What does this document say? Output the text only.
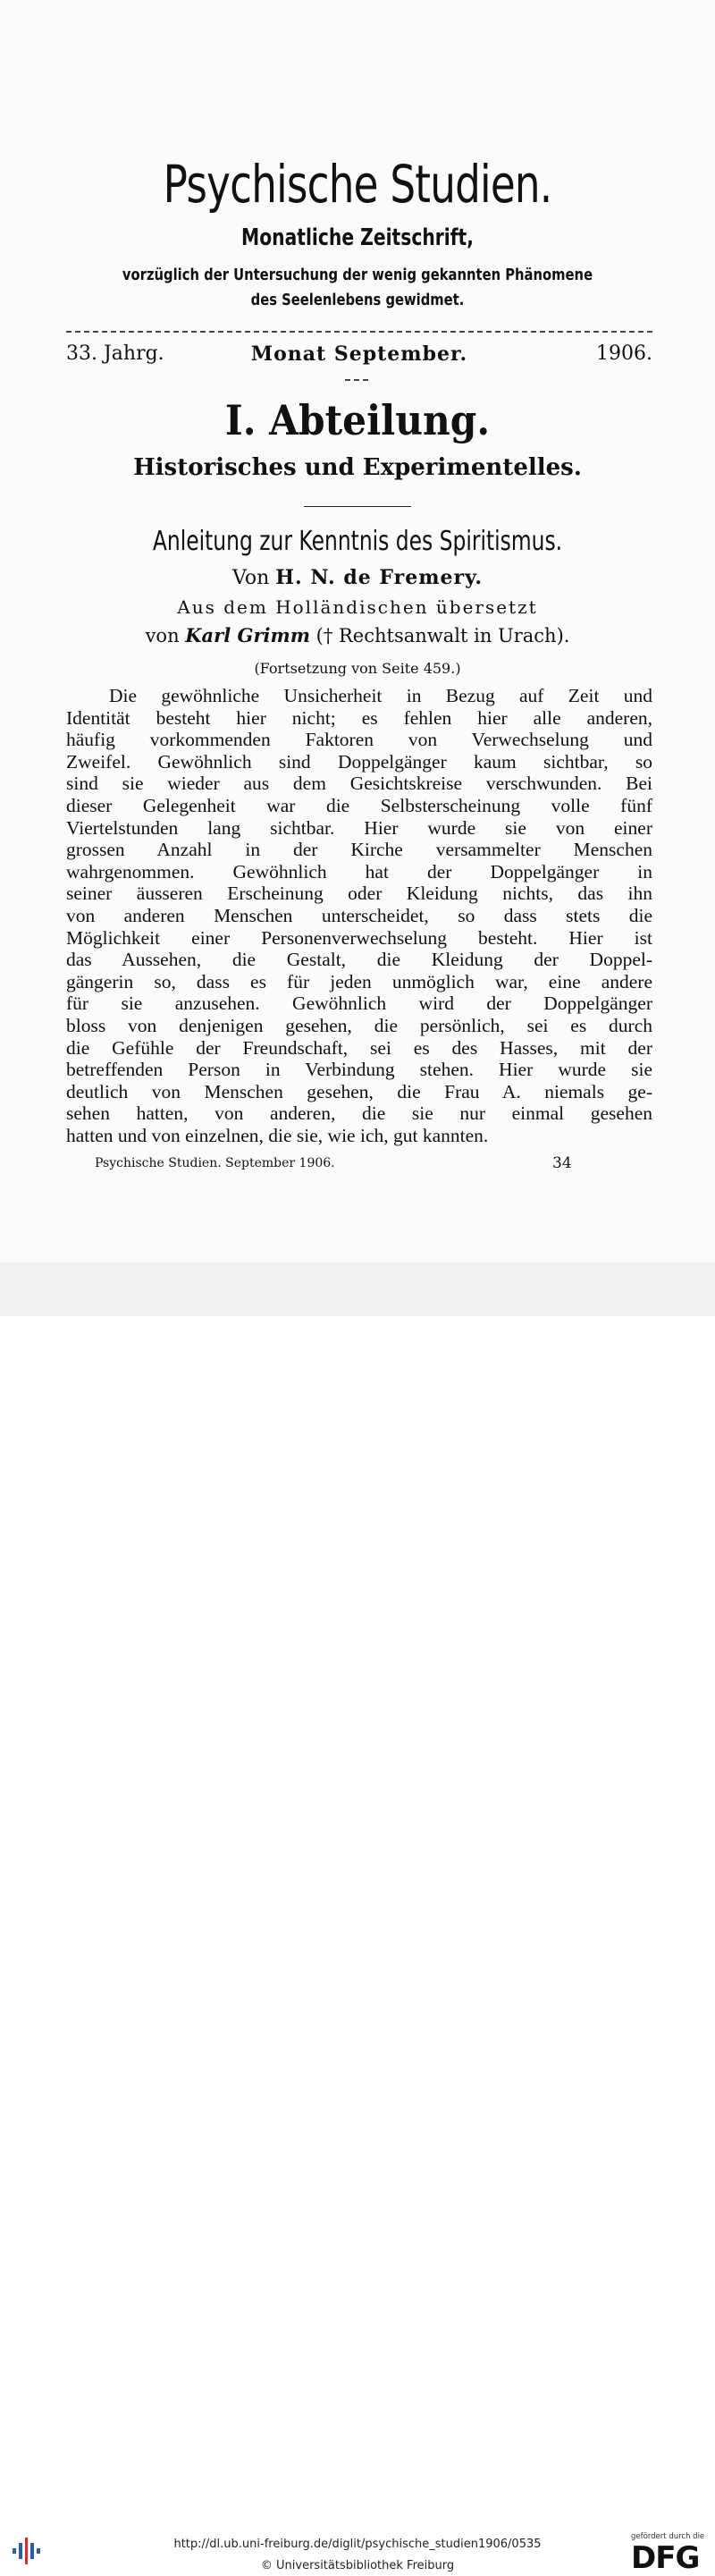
Psychische Studien.
Monatliche Zeitschrift,
vorzüglich der Untersuchung der wenig gekannten Phänomene
des Seelenlebens gewidmet.
33. Jahrg.	Monat September.	1906.
I. Abteilung.
Historisches und Experimentelles.
Anleitung zur Kenntnis des Spiritismus.
Von H. N. de Fremery.
Aus dem Holländischen übersetzt
von Karl Grimm († Rechtsanwalt in Urach).
(Fortsetzung von Seite 459.)
Die gewöhnliche Unsicherheit in Bezug auf Zeit und
Identität besteht hier nicht; es fehlen hier alle anderen,
häufig vorkommenden Faktoren von Verwechselung und
Zweifel. Gewöhnlich sind Doppelgänger kaum sichtbar, so
sind sie wieder aus dem Gesichtskreise verschwunden. Bei
dieser Gelegenheit war die Selbsterscheinung volle fünf
Viertelstunden lang sichtbar. Hier wurde sie von einer
grossen Anzahl in der Kirche versammelter Menschen
wahrgenommen. Gewöhnlich hat der Doppelgänger in
seiner äusseren Erscheinung oder Kleidung nichts, das ihn
von anderen Menschen unterscheidet, so dass stets die
Möglichkeit einer Personenverwechselung besteht. Hier ist
das Aussehen, die Gestalt, die Kleidung der Doppel-
gängerin so, dass es für jeden unmöglich war, eine andere
für sie anzusehen. Gewöhnlich wird der Doppelgänger
bloss von denjenigen gesehen, die persönlich, sei es durch
die Gefühle der Freundschaft, sei es des Hasses, mit der
betreffenden Person in Verbindung stehen. Hier wurde sie
deutlich von Menschen gesehen, die Frau A. niemals ge-
sehen hatten, von anderen, die sie nur einmal gesehen
hatten und von einzelnen, die sie, wie ich, gut kannten.
Psychische Studien. September 1906.	34
http://dl.ub.uni-freiburg.de/diglit/psychische_studien1906/0535
© Universitätsbibliothek Freiburg
gefördert durch die
DFG
